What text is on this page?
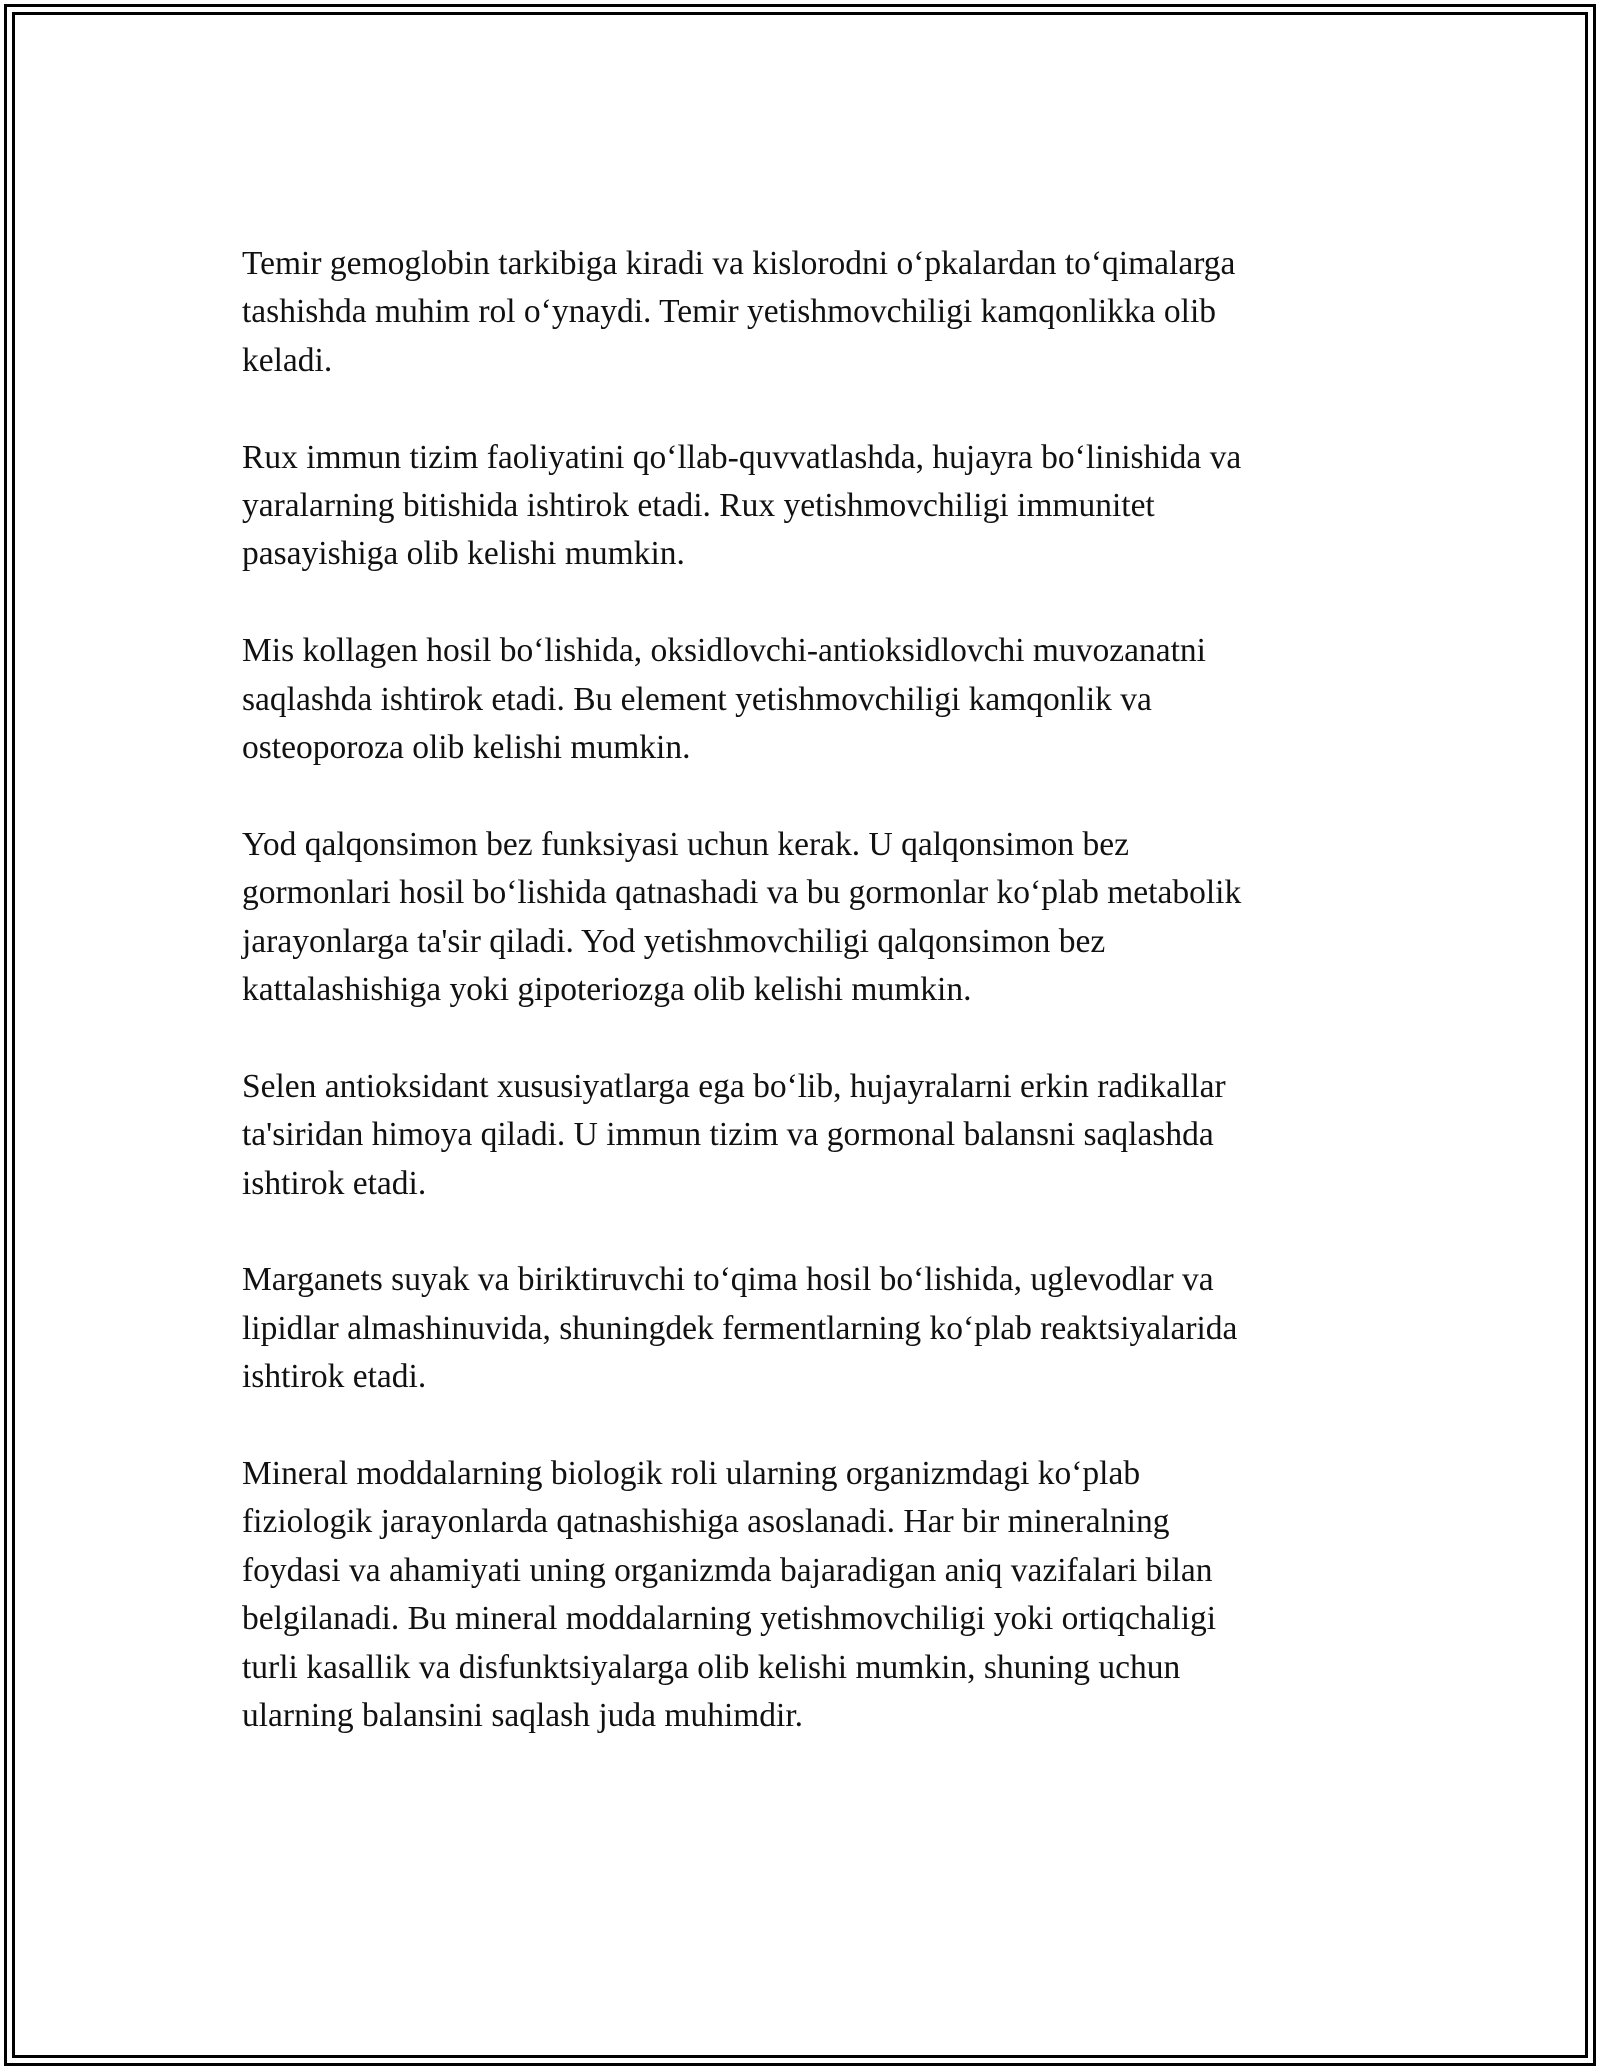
Temir gemoglobin tarkibiga kiradi va kislorodni o‘pkalardan to‘qimalarga
tashishda muhim rol o‘ynaydi. Temir yetishmovchiligi kamqonlikka olib
keladi.

Rux immun tizim faoliyatini qo‘llab-quvvatlashda, hujayra bo‘linishida va
yaralarning bitishida ishtirok etadi. Rux yetishmovchiligi immunitet
pasayishiga olib kelishi mumkin.

Mis kollagen hosil bo‘lishida, oksidlovchi-antioksidlovchi muvozanatni
saqlashda ishtirok etadi. Bu element yetishmovchiligi kamqonlik va
osteoporoza olib kelishi mumkin.

Yod qalqonsimon bez funksiyasi uchun kerak. U qalqonsimon bez
gormonlari hosil bo‘lishida qatnashadi va bu gormonlar ko‘plab metabolik
jarayonlarga ta'sir qiladi. Yod yetishmovchiligi qalqonsimon bez
kattalashishiga yoki gipoteriozga olib kelishi mumkin.

Selen antioksidant xususiyatlarga ega bo‘lib, hujayralarni erkin radikallar
ta'siridan himoya qiladi. U immun tizim va gormonal balansni saqlashda
ishtirok etadi.

Marganets suyak va biriktiruvchi to‘qima hosil bo‘lishida, uglevodlar va
lipidlar almashinuvida, shuningdek fermentlarning ko‘plab reaktsiyalarida
ishtirok etadi.

Mineral moddalarning biologik roli ularning organizmdagi ko‘plab
fiziologik jarayonlarda qatnashishiga asoslanadi. Har bir mineralning
foydasi va ahamiyati uning organizmda bajaradigan aniq vazifalari bilan
belgilanadi. Bu mineral moddalarning yetishmovchiligi yoki ortiqchaligi
turli kasallik va disfunktsiyalarga olib kelishi mumkin, shuning uchun
ularning balansini saqlash juda muhimdir.
